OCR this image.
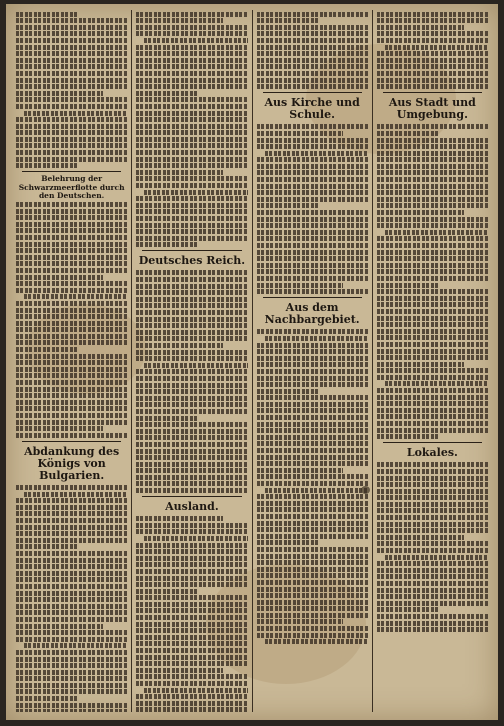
Belehrung der Schwarzmeerflotte durch den Deutschen.
Abdankung des Königs von Bulgarien.
Deutsches Reich.
Ausland.
Aus Kirche und Schule.
Aus dem Nachbargebiet.
Aus Stadt und Umgebung.
Lokales.
